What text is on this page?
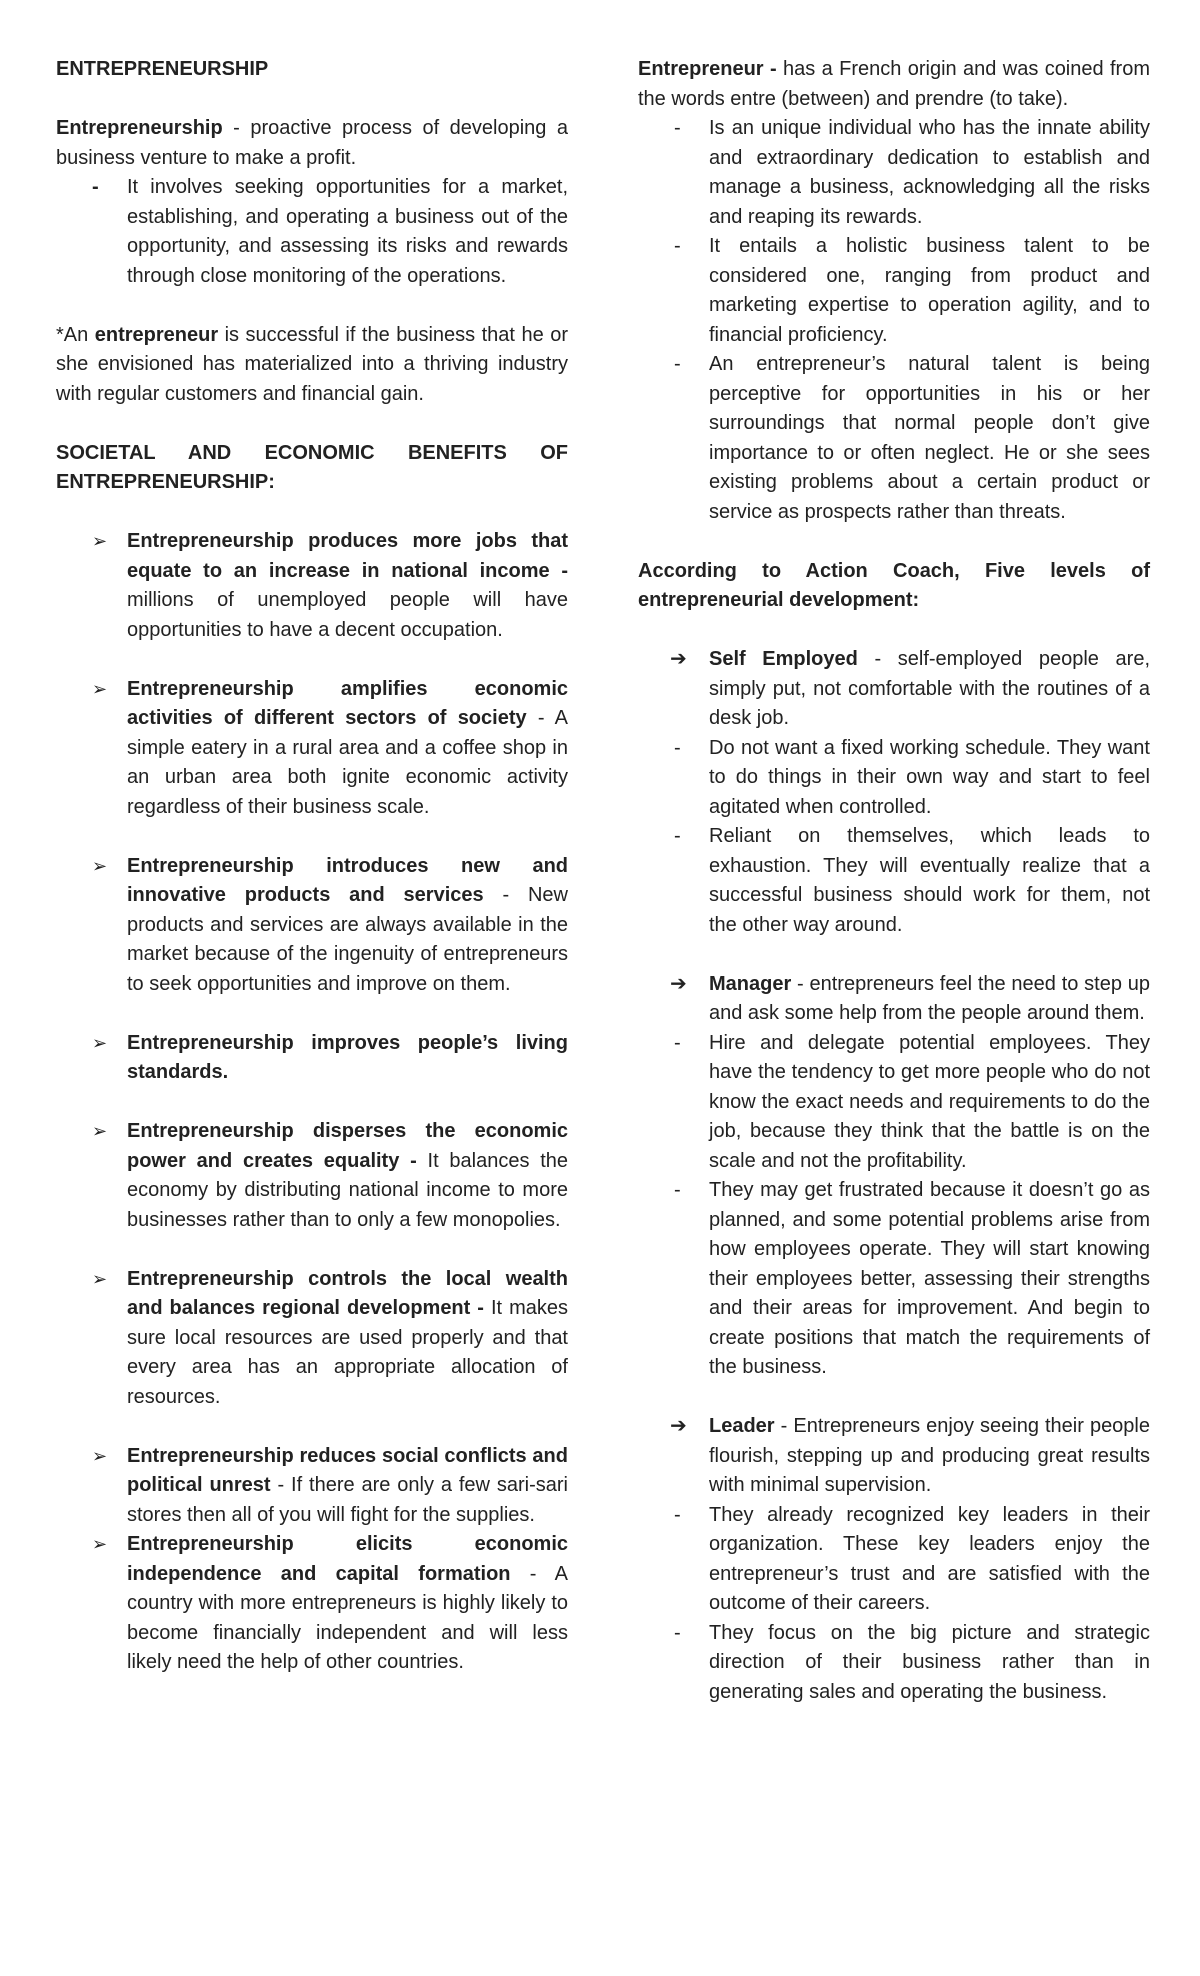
ENTREPRENEURSHIP

Entrepreneurship - proactive process of developing a business venture to make a profit.

-	It involves seeking opportunities for a market, establishing, and operating a business out of the opportunity, and assessing its risks and rewards through close monitoring of the operations.

*An entrepreneur is successful if the business that he or she envisioned has materialized into a thriving industry with regular customers and financial gain.

SOCIETAL AND ECONOMIC BENEFITS OF ENTREPRENEURSHIP:

➢ Entrepreneurship produces more jobs that equate to an increase in national income - millions of unemployed people will have opportunities to have a decent occupation.
➢ Entrepreneurship amplifies economic activities of different sectors of society - A simple eatery in a rural area and a coffee shop in an urban area both ignite economic activity regardless of their business scale.
➢ Entrepreneurship introduces new and innovative products and services - New products and services are always available in the market because of the ingenuity of entrepreneurs to seek opportunities and improve on them.
➢ Entrepreneurship improves people’s living standards.
➢ Entrepreneurship disperses the economic power and creates equality - It balances the economy by distributing national income to more businesses rather than to only a few monopolies.
➢ Entrepreneurship controls the local wealth and balances regional development - It makes sure local resources are used properly and that every area has an appropriate allocation of resources.
➢ Entrepreneurship reduces social conflicts and political unrest - If there are only a few sari-sari stores then all of you will fight for the supplies.
➢ Entrepreneurship elicits economic independence and capital formation - A country with more entrepreneurs is highly likely to become financially independent and will less likely need the help of other countries.

Entrepreneur - has a French origin and was coined from the words entre (between) and prendre (to take).

-	Is an unique individual who has the innate ability and extraordinary dedication to establish and manage a business, acknowledging all the risks and reaping its rewards.
-	It entails a holistic business talent to be considered one, ranging from product and marketing expertise to operation agility, and to financial proficiency.
-	An entrepreneur’s natural talent is being perceptive for opportunities in his or her surroundings that normal people don’t give importance to or often neglect. He or she sees existing problems about a certain product or service as prospects rather than threats.

According to Action Coach, Five levels of entrepreneurial development:

➔	Self Employed - self-employed people are, simply put, not comfortable with the routines of a desk job.
-	Do not want a fixed working schedule. They want to do things in their own way and start to feel agitated when controlled.
-	Reliant on themselves, which leads to exhaustion. They will eventually realize that a successful business should work for them, not the other way around.
➔	Manager - entrepreneurs feel the need to step up and ask some help from the people around them.
-	Hire and delegate potential employees. They have the tendency to get more people who do not know the exact needs and requirements to do the job, because they think that the battle is on the scale and not the profitability.
-	They may get frustrated because it doesn’t go as planned, and some potential problems arise from how employees operate. They will start knowing their employees better, assessing their strengths and their areas for improvement. And begin to create positions that match the requirements of the business.
➔	Leader - Entrepreneurs enjoy seeing their people flourish, stepping up and producing great results with minimal supervision.
-	They already recognized key leaders in their organization. These key leaders enjoy the entrepreneur’s trust and are satisfied with the outcome of their careers.
-	They focus on the big picture and strategic direction of their business rather than in generating sales and operating the business.
